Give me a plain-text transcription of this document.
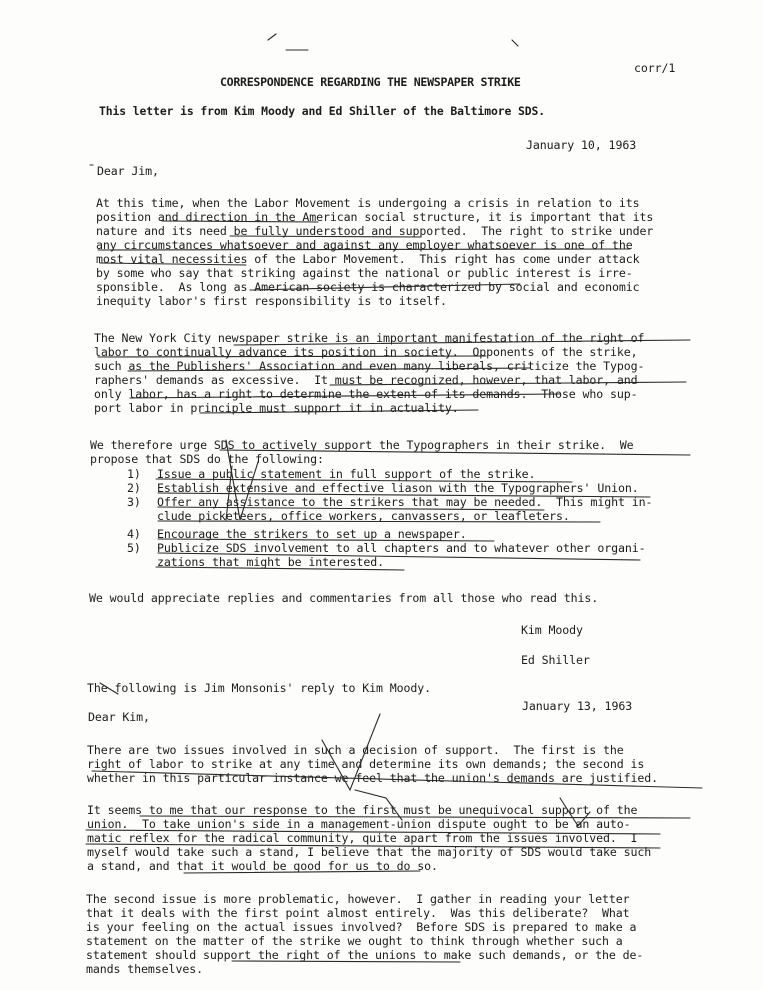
corr/1
CORRESPONDENCE REGARDING THE NEWSPAPER STRIKE
This letter is from Kim Moody and Ed Shiller of the Baltimore SDS.
January 10, 1963
Dear Jim,
At this time, when the Labor Movement is undergoing a crisis in relation to its
position and direction in the American social structure, it is important that its
nature and its need be fully understood and supported.  The right to strike under
any circumstances whatsoever and against any employer whatsoever is one of the
most vital necessities of the Labor Movement.  This right has come under attack
by some who say that striking against the national or public interest is irre-
sponsible.  As long as American society is characterized by social and economic
inequity labor's first responsibility is to itself.
The New York City newspaper strike is an important manifestation of the right of
labor to continually advance its position in society.  Opponents of the strike,
such as the Publishers' Association and even many liberals, criticize the Typog-
raphers' demands as excessive.  It must be recognized, however, that labor, and
only labor, has a right to determine the extent of its demands.  Those who sup-
port labor in principle must support it in actuality.
We therefore urge SDS to actively support the Typographers in their strike.  We
propose that SDS do the following:
1) Issue a public statement in full support of the strike.
2) Establish extensive and effective liason with the Typographers' Union.
3) Offer any assistance to the strikers that may be needed.  This might in-
clude picketeers, office workers, canvassers, or leafleters.
4) Encourage the strikers to set up a newspaper.
5) Publicize SDS involvement to all chapters and to whatever other organi-
zations that might be interested.
We would appreciate replies and commentaries from all those who read this.
Kim Moody
Ed Shiller
The following is Jim Monsonis' reply to Kim Moody.
January 13, 1963
Dear Kim,
There are two issues involved in such a decision of support.  The first is the
right of labor to strike at any time and determine its own demands; the second is
whether in this particular instance we feel that the union's demands are justified.
It seems to me that our response to the first must be unequivocal support of the
union.  To take union's side in a management-union dispute ought to be an auto-
matic reflex for the radical community, quite apart from the issues involved.  I
myself would take such a stand, I believe that the majority of SDS would take such
a stand, and that it would be good for us to do so.
The second issue is more problematic, however.  I gather in reading your letter
that it deals with the first point almost entirely.  Was this deliberate?  What
is your feeling on the actual issues involved?  Before SDS is prepared to make a
statement on the matter of the strike we ought to think through whether such a
statement should support the right of the unions to make such demands, or the de-
mands themselves.
